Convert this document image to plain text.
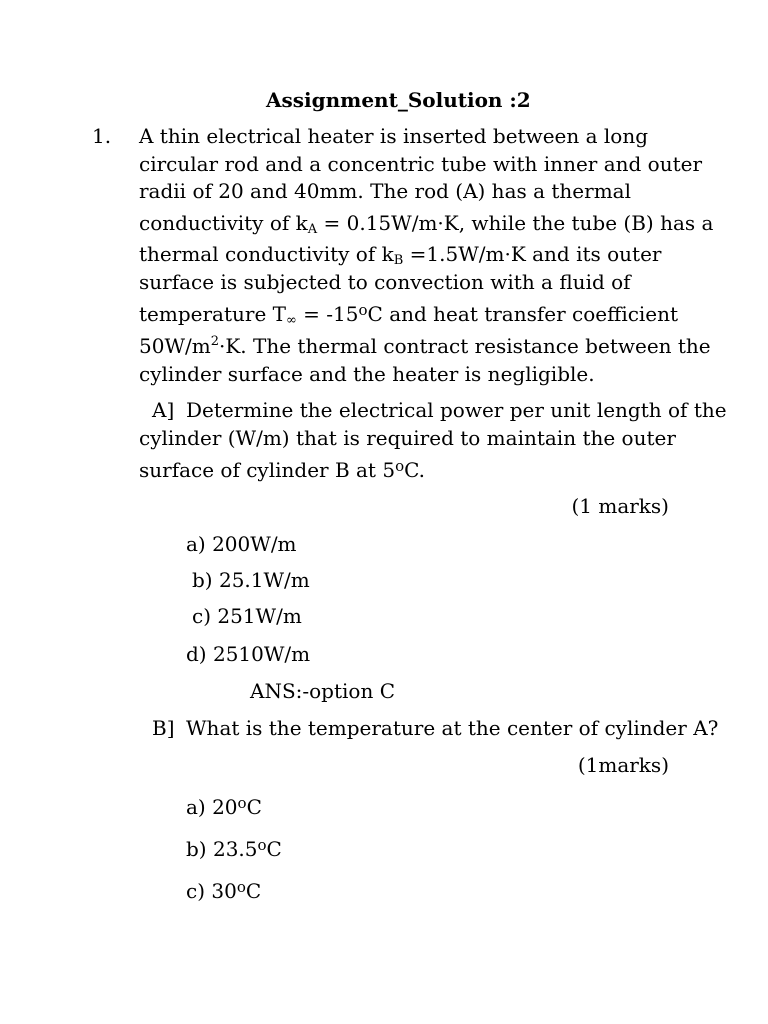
Assignment_Solution :2
1. A thin electrical heater is inserted between a long
circular rod and a concentric tube with inner and outer
radii of 20 and 40mm. The rod (A) has a thermal
conductivity of $k_A = 0.15W/m\cdot K$, while the tube (B) has a
thermal conductivity of $k_B =1.5W/m\cdot K$ and its outer
surface is subjected to convection with a fluid of
temperature $T_\infty = -15^oC$ and heat transfer coefficient
$50W/m^2\cdot K$. The thermal contract resistance between the
cylinder surface and the heater is negligible.
A] Determine the electrical power per unit length of the
cylinder (W/m) that is required to maintain the outer
surface of cylinder B at 5$^o$C.
(1 marks)
a) 200W/m
b) 25.1W/m
c) 251W/m
d) 2510W/m
ANS:-option C
B] What is the temperature at the center of cylinder A?
(1marks)
a) 20$^o$C
b) 23.5$^o$C
c) 30$^o$C
